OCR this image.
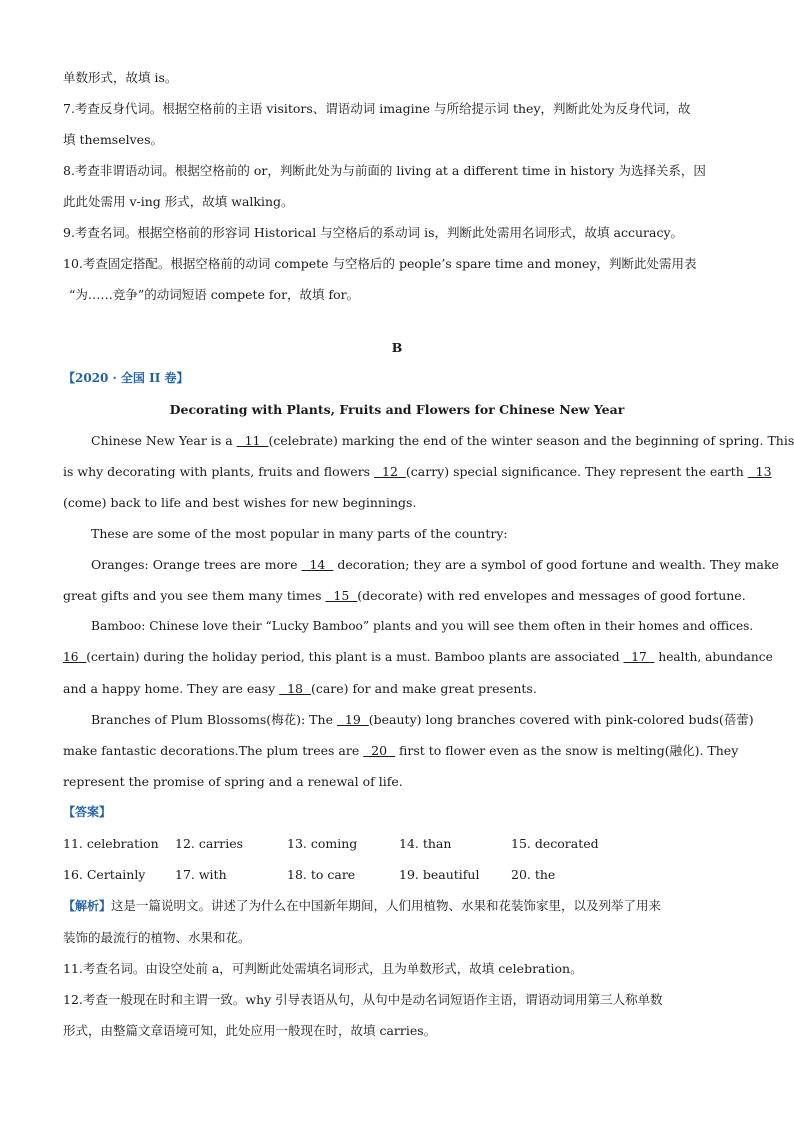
单数形式，故填 is。
7.考查反身代词。根据空格前的主语 visitors、谓语动词 imagine 与所给提示词 they，判断此处为反身代词，故
填 themselves。
8.考查非谓语动词。根据空格前的 or，判断此处为与前面的 living at a different time in history 为选择关系，因
此此处需用 v-ing 形式，故填 walking。
9.考查名词。根据空格前的形容词 Historical 与空格后的系动词 is，判断此处需用名词形式，故填 accuracy。
10.考查固定搭配。根据空格前的动词 compete 与空格后的 people’s spare time and money，判断此处需用表
“为……竞争”的动词短语 compete for，故填 for。
B
【2020 · 全国 II 卷】
Decorating with Plants, Fruits and Flowers for Chinese New Year
Chinese New Year is a   11  (celebrate) marking the end of the winter season and the beginning of spring. This
is why decorating with plants, fruits and flowers   12  (carry) special significance. They represent the earth   13
(come) back to life and best wishes for new beginnings.
These are some of the most popular in many parts of the country:
Oranges: Orange trees are more   14   decoration; they are a symbol of good fortune and wealth. They make
great gifts and you see them many times   15  (decorate) with red envelopes and messages of good fortune.
Bamboo: Chinese love their “Lucky Bamboo” plants and you will see them often in their homes and offices.
16  (certain) during the holiday period, this plant is a must. Bamboo plants are associated   17   health, abundance
and a happy home. They are easy   18  (care) for and make great presents.
Branches of Plum Blossoms(梅花): The   19  (beauty) long branches covered with pink-colored buds(蓓蕾)
make fantastic decorations.The plum trees are   20   first to flower even as the snow is melting(融化). They
represent the promise of spring and a renewal of life.
【答案】
11. celebration	12. carries	13. coming	14. than	15. decorated
16. Certainly	17. with	18. to care	19. beautiful	20. the
【解析】这是一篇说明文。讲述了为什么在中国新年期间，人们用植物、水果和花装饰家里，以及列举了用来
装饰的最流行的植物、水果和花。
11.考查名词。由设空处前 a，可判断此处需填名词形式，且为单数形式，故填 celebration。
12.考查一般现在时和主谓一致。why 引导表语从句，从句中是动名词短语作主语，谓语动词用第三人称单数
形式，由整篇文章语境可知，此处应用一般现在时，故填 carries。
